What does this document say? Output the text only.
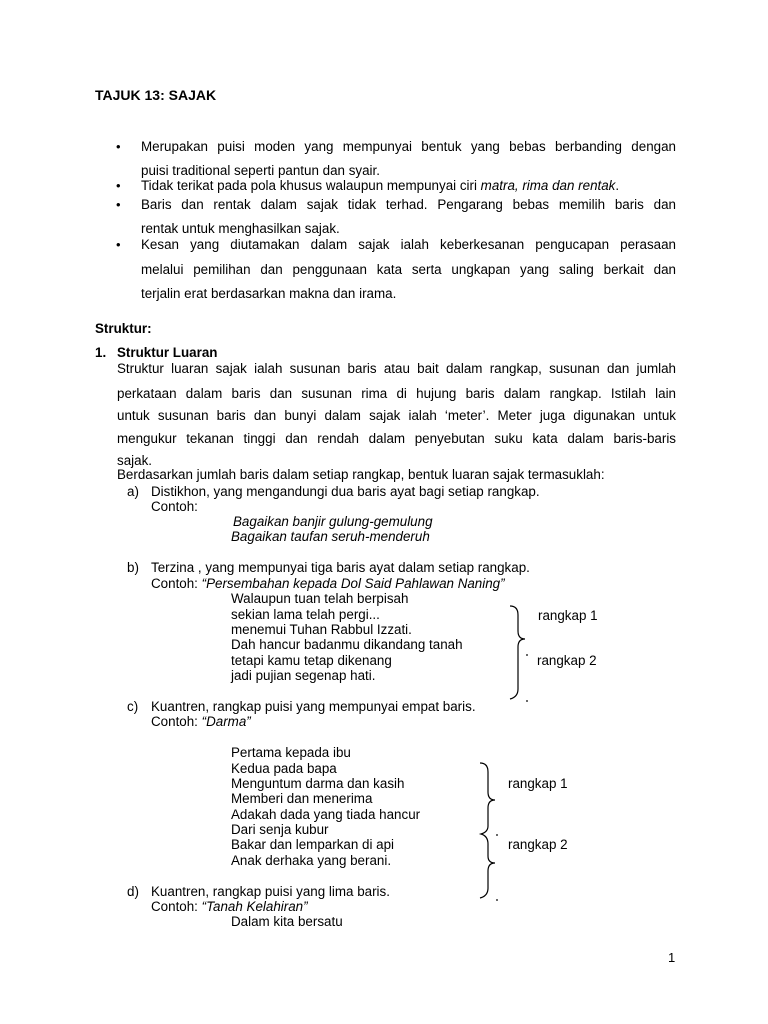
TAJUK 13: SAJAK
• Merupakan puisi moden yang mempunyai bentuk yang bebas berbanding dengan
puisi traditional seperti pantun dan syair.
• Tidak terikat pada pola khusus walaupun mempunyai ciri matra, rima dan rentak.
• Baris dan rentak dalam sajak tidak terhad. Pengarang bebas memilih baris dan
rentak untuk menghasilkan sajak.
• Kesan yang diutamakan dalam sajak ialah keberkesanan pengucapan perasaan
melalui pemilihan dan penggunaan kata serta ungkapan yang saling berkait dan
terjalin erat berdasarkan makna dan irama.
Struktur:
1. Struktur Luaran
Struktur luaran sajak ialah susunan baris atau bait dalam rangkap, susunan dan jumlah
perkataan dalam baris dan susunan rima di hujung baris dalam rangkap. Istilah lain
untuk susunan baris dan bunyi dalam sajak ialah ‘meter’. Meter juga digunakan untuk
mengukur tekanan tinggi dan rendah dalam penyebutan suku kata dalam baris-baris
sajak.
Berdasarkan jumlah baris dalam setiap rangkap, bentuk luaran sajak termasuklah:
a) Distikhon, yang mengandungi dua baris ayat bagi setiap rangkap.
Contoh:
Bagaikan banjir gulung-gemulung
Bagaikan taufan seruh-menderuh
b) Terzina , yang mempunyai tiga baris ayat dalam setiap rangkap.
Contoh: “Persembahan kepada Dol Said Pahlawan Naning”
Walaupun tuan telah berpisah
sekian lama telah pergi...
menemui Tuhan Rabbul Izzati.
Dah hancur badanmu dikandang tanah
tetapi kamu tetap dikenang
jadi pujian segenap hati.
rangkap 1
rangkap 2
c) Kuantren, rangkap puisi yang mempunyai empat baris.
Contoh: “Darma”
Pertama kepada ibu
Kedua pada bapa
Menguntum darma dan kasih
Memberi dan menerima
Adakah dada yang tiada hancur
Dari senja kubur
Bakar dan lemparkan di api
Anak derhaka yang berani.
rangkap 1
rangkap 2
d) Kuantren, rangkap puisi yang lima baris.
Contoh: “Tanah Kelahiran”
Dalam kita bersatu
1
